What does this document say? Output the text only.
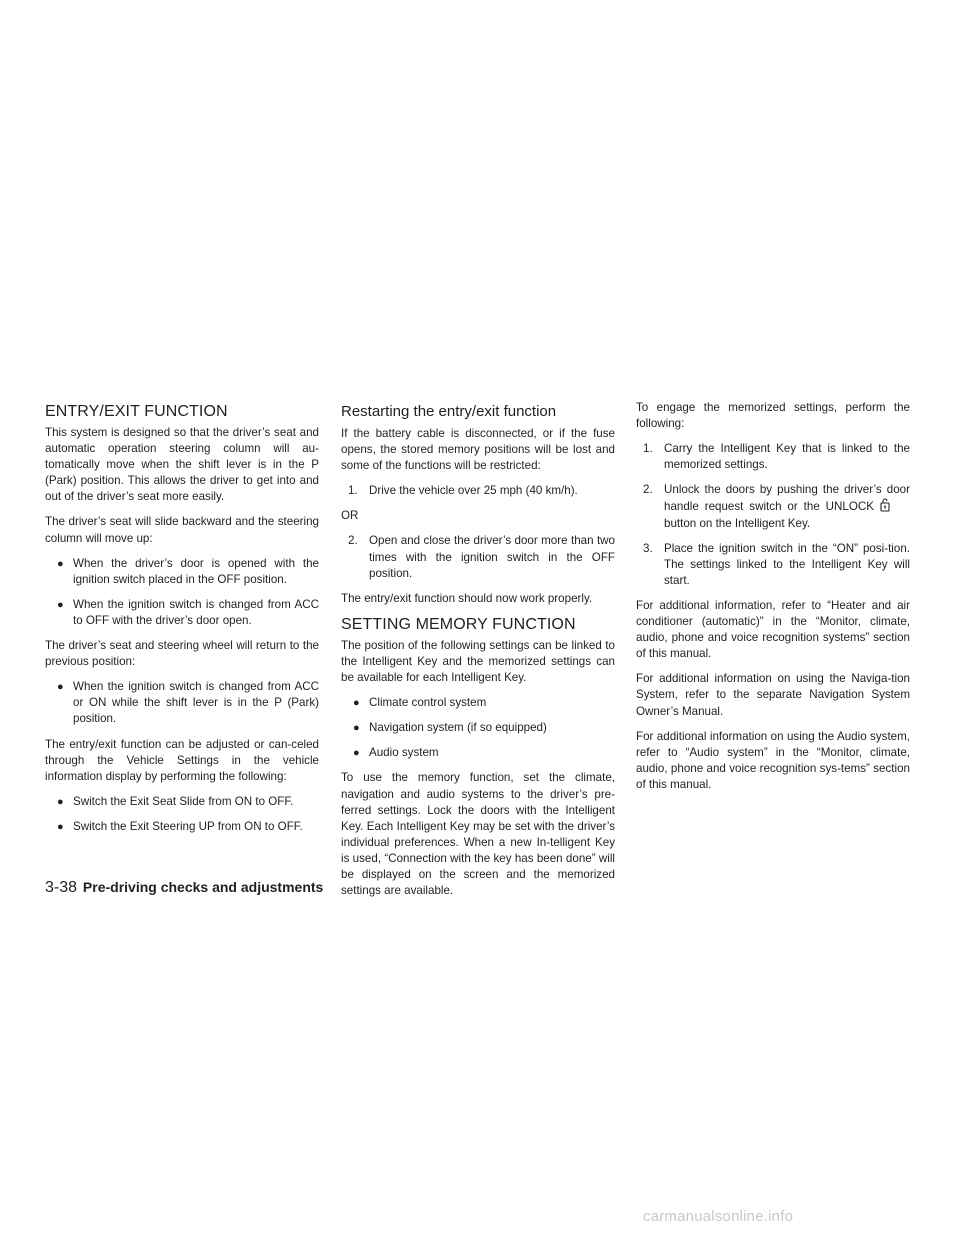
ENTRY/EXIT FUNCTION

This system is designed so that the driver’s seat and automatic operation steering column will au-tomatically move when the shift lever is in the P (Park) position. This allows the driver to get into and out of the driver’s seat more easily.

The driver’s seat will slide backward and the steering column will move up:

● When the driver’s door is opened with the ignition switch placed in the OFF position.
● When the ignition switch is changed from ACC to OFF with the driver’s door open.

The driver’s seat and steering wheel will return to the previous position:

● When the ignition switch is changed from ACC or ON while the shift lever is in the P (Park) position.

The entry/exit function can be adjusted or can-celed through the Vehicle Settings in the vehicle information display by performing the following:

● Switch the Exit Seat Slide from ON to OFF.
● Switch the Exit Steering UP from ON to OFF.
Restarting the entry/exit function

If the battery cable is disconnected, or if the fuse opens, the stored memory positions will be lost and some of the functions will be restricted:

1. Drive the vehicle over 25 mph (40 km/h).
OR
2. Open and close the driver’s door more than two times with the ignition switch in the OFF position.

The entry/exit function should now work properly.

SETTING MEMORY FUNCTION

The position of the following settings can be linked to the Intelligent Key and the memorized settings can be available for each Intelligent Key.

● Climate control system
● Navigation system (if so equipped)
● Audio system

To use the memory function, set the climate, navigation and audio systems to the driver’s pre-ferred settings. Lock the doors with the Intelligent Key. Each Intelligent Key may be set with the driver’s individual preferences. When a new In-telligent Key is used, “Connection with the key has been done” will be displayed on the screen and the memorized settings are available.

To engage the memorized settings, perform the following:

1. Carry the Intelligent Key that is linked to the memorized settings.
2. Unlock the doors by pushing the driver’s door handle request switch or the UNLOCKbutton on the Intelligent Key.
3. Place the ignition switch in the “ON” posi-tion. The settings linked to the Intelligent Key will start.

For additional information, refer to “Heater and air conditioner (automatic)” in the “Monitor, climate, audio, phone and voice recognition systems” section of this manual.

For additional information on using the Naviga-tion System, refer to the separate Navigation System Owner’s Manual.

For additional information on using the Audio system, refer to “Audio system” in the “Monitor, climate, audio, phone and voice recognition sys-tems” section of this manual.

3-38 Pre-driving checks and adjustments
carmanualsonline.info
